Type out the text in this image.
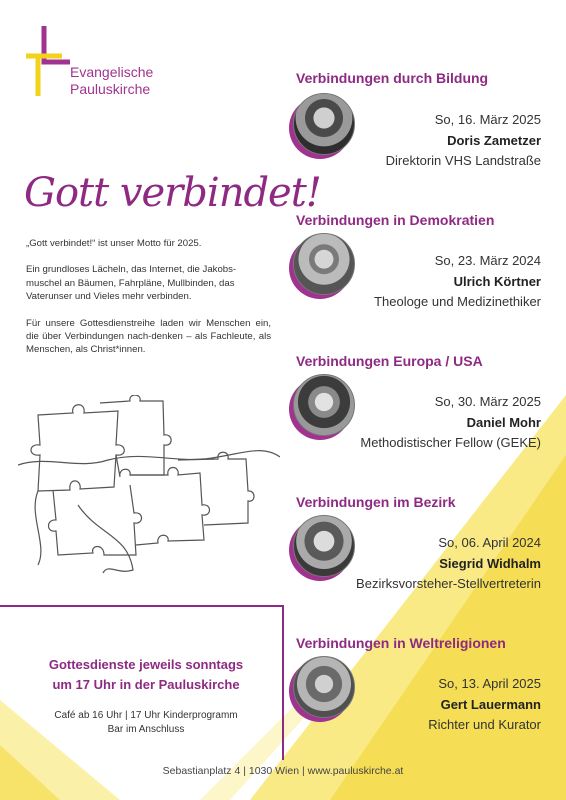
Evangelische
Pauluskirche
Gott verbindet!

„Gott verbindet!“ ist unser Motto für 2025.

Ein grundloses Lächeln, das Internet, die Jakobs-muschel an Bäumen, Fahrpläne, Mullbinden, das Vaterunser und Vieles mehr verbinden.

Für unsere Gottesdienstreihe laden wir Menschen ein, die über Verbindungen nach-denken – als Fachleute, als Menschen, als Christ*innen.

Verbindungen durch Bildung
So, 16. März 2025
Doris Zametzer
Direktorin VHS Landstraße
Verbindungen in Demokratien
So, 23. März 2024
Ulrich Körtner
Theologe und Medizinethiker
Verbindungen Europa / USA
So, 30. März 2025
Daniel Mohr
Methodistischer Fellow (GEKE)
Verbindungen im Bezirk
So, 06. April 2024
Siegrid Widhalm
Bezirksvorsteher-Stellvertreterin
Verbindungen in Weltreligionen
So, 13. April 2025
Gert Lauermann
Richter und Kurator
Gottesdienste jeweils sonntags
um 17 Uhr in der Pauluskirche
Café ab 16 Uhr | 17 Uhr Kinderprogramm
Bar im Anschluss
Sebastianplatz 4 | 1030 Wien | www.pauluskirche.at
